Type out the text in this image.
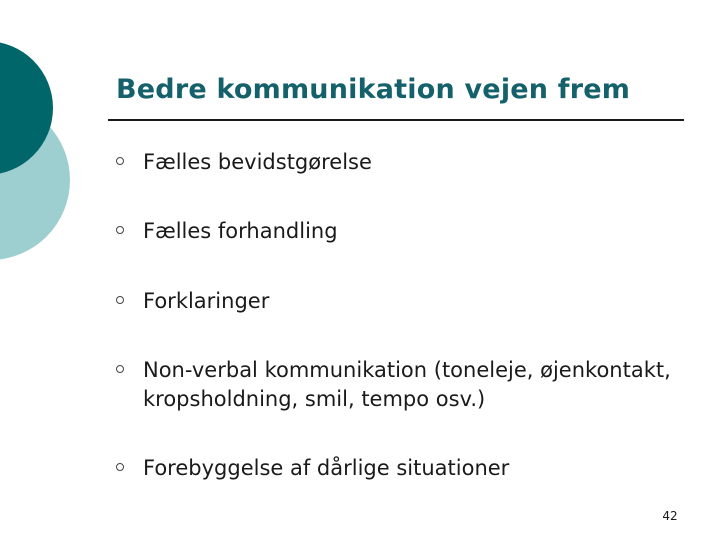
Bedre kommunikation vejen frem
Fælles bevidstgørelse
Fælles forhandling
Forklaringer
Non-verbal kommunikation (toneleje, øjenkontakt, kropsholdning, smil, tempo osv.)
Forebyggelse af dårlige situationer
42
